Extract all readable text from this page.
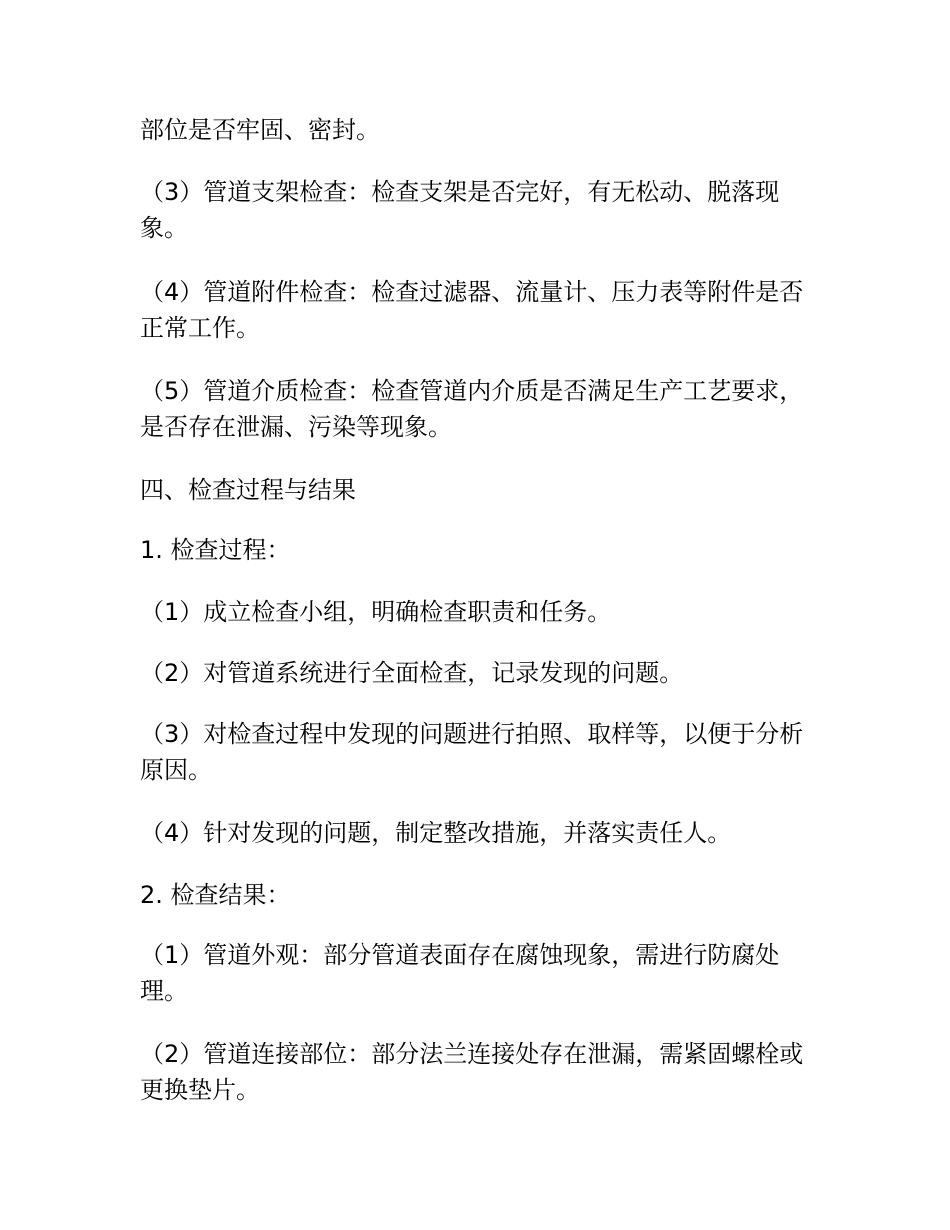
部位是否牢固、密封。

（3）管道支架检查：检查支架是否完好，有无松动、脱落现象。

（4）管道附件检查：检查过滤器、流量计、压力表等附件是否正常工作。

（5）管道介质检查：检查管道内介质是否满足生产工艺要求，是否存在泄漏、污染等现象。

四、检查过程与结果

1. 检查过程：

（1）成立检查小组，明确检查职责和任务。

（2）对管道系统进行全面检查，记录发现的问题。

（3）对检查过程中发现的问题进行拍照、取样等，以便于分析原因。

（4）针对发现的问题，制定整改措施，并落实责任人。

2. 检查结果：

（1）管道外观：部分管道表面存在腐蚀现象，需进行防腐处理。

（2）管道连接部位：部分法兰连接处存在泄漏，需紧固螺栓或更换垫片。
